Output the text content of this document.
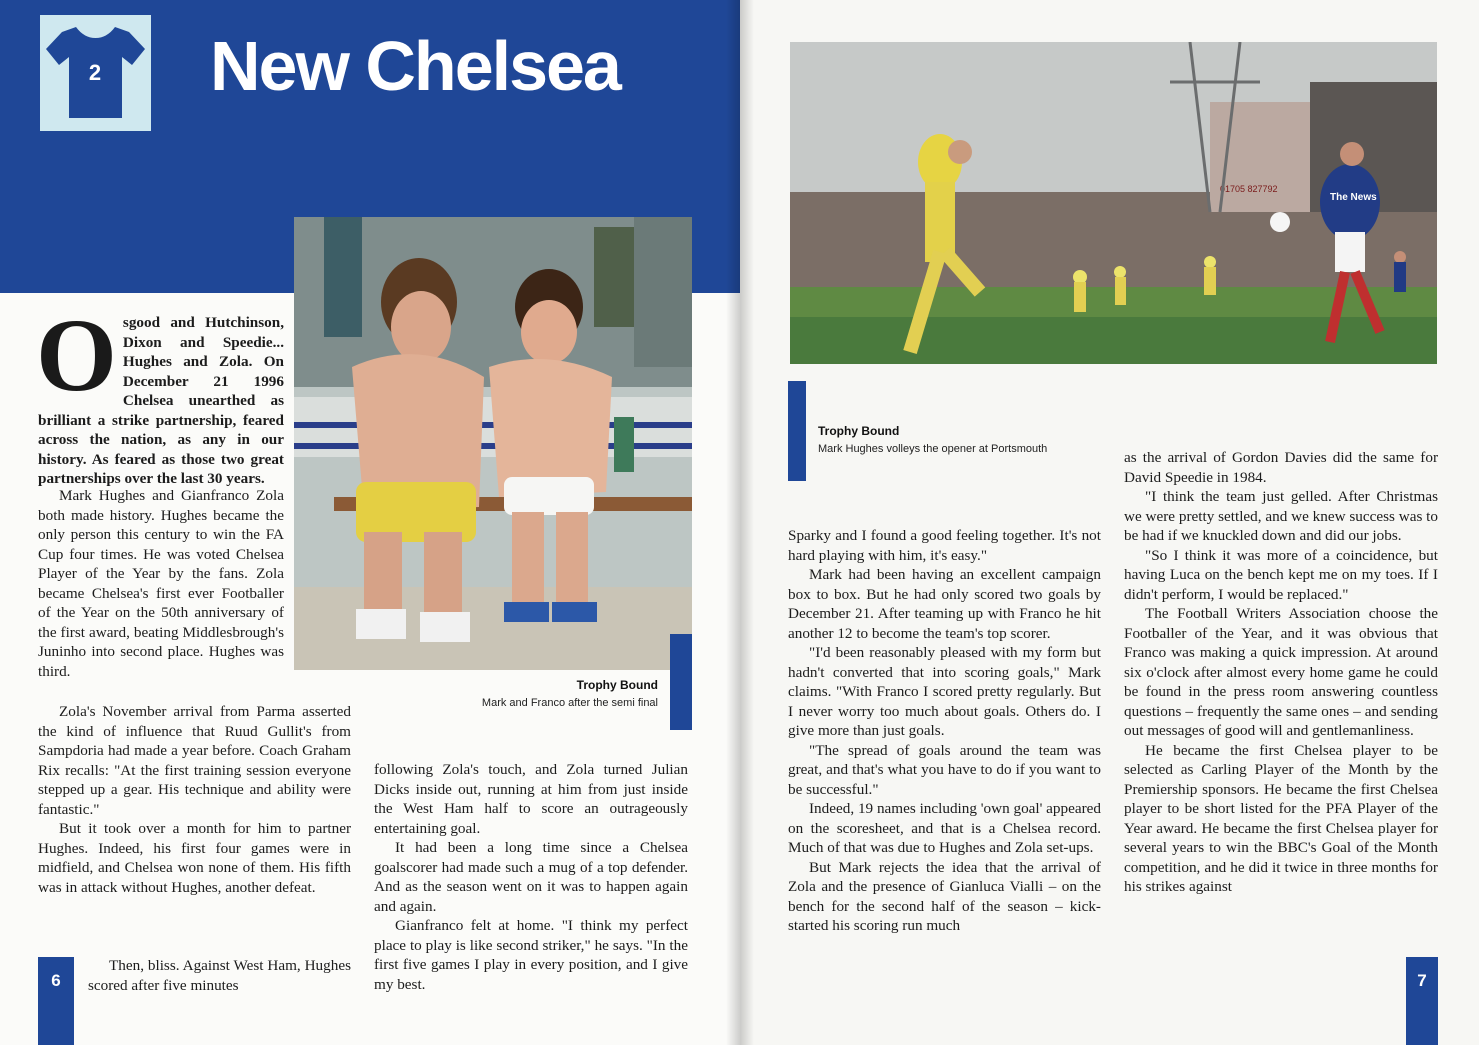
2 New Chelsea
Trophy Bound
Mark and Franco after the semi final

Osgood and Hutchinson, Dixon and Speedie... Hughes and Zola. On December 21 1996 Chelsea unearthed as brilliant a strike partnership, feared across the nation, as any in our history. As feared as those two great partnerships over the last 30 years.

Mark Hughes and Gianfranco Zola both made history. Hughes became the only person this century to win the FA Cup four times. He was voted Chelsea Player of the Year by the fans. Zola became Chelsea's first ever Footballer of the Year on the 50th anniversary of the first award, beating Middlesbrough's Juninho into second place. Hughes was third.

Zola's November arrival from Parma asserted the kind of influence that Ruud Gullit's from Sampdoria had made a year before. Coach Graham Rix recalls: "At the first training session everyone stepped up a gear. His technique and ability were fantastic."

But it took over a month for him to partner Hughes. Indeed, his first four games were in midfield, and Chelsea won none of them. His fifth was in attack without Hughes, another defeat.

Then, bliss. Against West Ham, Hughes scored after five minutes

following Zola's touch, and Zola turned Julian Dicks inside out, running at him from just inside the West Ham half to score an outrageously entertaining goal.

It had been a long time since a Chelsea goalscorer had made such a mug of a top defender. And as the season went on it was to happen again and again.

Gianfranco felt at home. "I think my perfect place to play is like second striker," he says. "In the first five games I play in every position, and I give my best.

6
01705 827792
The News
Trophy Bound
Mark Hughes volleys the opener at Portsmouth

Sparky and I found a good feeling together. It's not hard playing with him, it's easy."

Mark had been having an excellent campaign box to box. But he had only scored two goals by December 21. After teaming up with Franco he hit another 12 to become the team's top scorer.

"I'd been reasonably pleased with my form but hadn't converted that into scoring goals," Mark claims. "With Franco I scored pretty regularly. But I never worry too much about goals. Others do. I give more than just goals.

"The spread of goals around the team was great, and that's what you have to do if you want to be successful."

Indeed, 19 names including 'own goal' appeared on the scoresheet, and that is a Chelsea record. Much of that was due to Hughes and Zola set-ups.

But Mark rejects the idea that the arrival of Zola and the presence of Gianluca Vialli – on the bench for the second half of the season – kick-started his scoring run much

as the arrival of Gordon Davies did the same for David Speedie in 1984.

"I think the team just gelled. After Christmas we were pretty settled, and we knew success was to be had if we knuckled down and did our jobs.

"So I think it was more of a coincidence, but having Luca on the bench kept me on my toes. If I didn't perform, I would be replaced."

The Football Writers Association choose the Footballer of the Year, and it was obvious that Franco was making a quick impression. At around six o'clock after almost every home game he could be found in the press room answering countless questions – frequently the same ones – and sending out messages of good will and gentlemanliness.

He became the first Chelsea player to be selected as Carling Player of the Month by the Premiership sponsors. He became the first Chelsea player to be short listed for the PFA Player of the Year award. He became the first Chelsea player for several years to win the BBC's Goal of the Month competition, and he did it twice in three months for his strikes against

7
